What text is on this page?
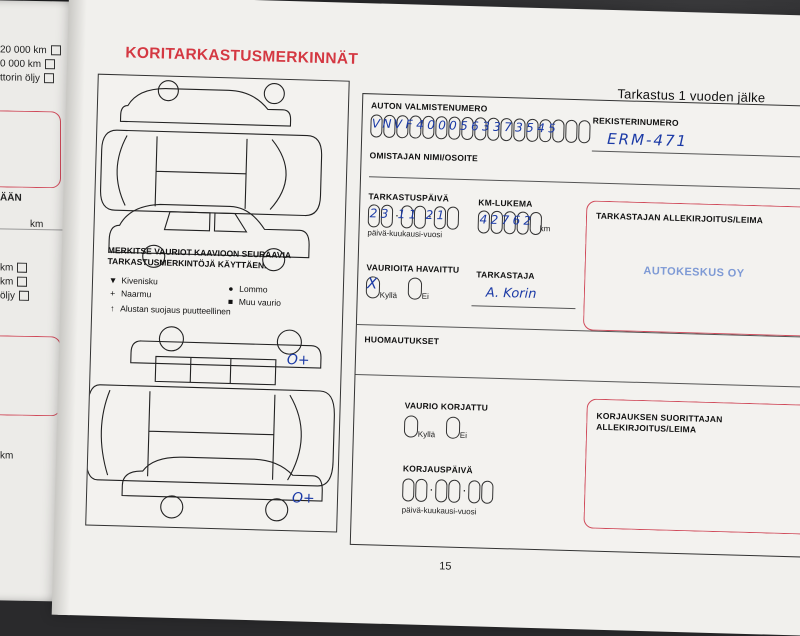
20 000 km
0 000 km
ttorin öljy
ÄÄN
km
km
km
öljy
km
KORITARKASTUSMERKINNÄT
O+
O+
MERKITSE VAURIOT KAAVIOON SEURAAVIA
TARKASTUSMERKINTÖJÄ KÄYTTÄEN.
▼ Kivenisku
+ Naarmu	● Lommo
■ Muu vaurio
↑ Alustan suojaus puutteellinen
Tarkastus 1 vuoden jälke
AUTON VALMISTENUMERO
V N V F 4 0 0 0 5 6 3 3 7 3 5 4 5	REKISTERINUMERO
ERM-471
OMISTAJAN NIMI/OSOITE
TARKASTUSPÄIVÄ
·
·
2 3 1 1 2 1
päivä-kuukausi-vuosi
KM-LUKEMA
4 2 7 6 2
km
TARKASTAJAN ALLEKIRJOITUS/LEIMA
AUTOKESKUS OY
VAURIOITA HAVAITTU
X
Kyllä	Ei
TARKASTAJA
A. Korin
HUOMAUTUKSET
VAURIO KORJATTU
Kyllä	Ei
KORJAUKSEN SUORITTAJAN
ALLEKIRJOITUS/LEIMA
KORJAUSPÄIVÄ
·
·
päivä-kuukausi-vuosi
15
